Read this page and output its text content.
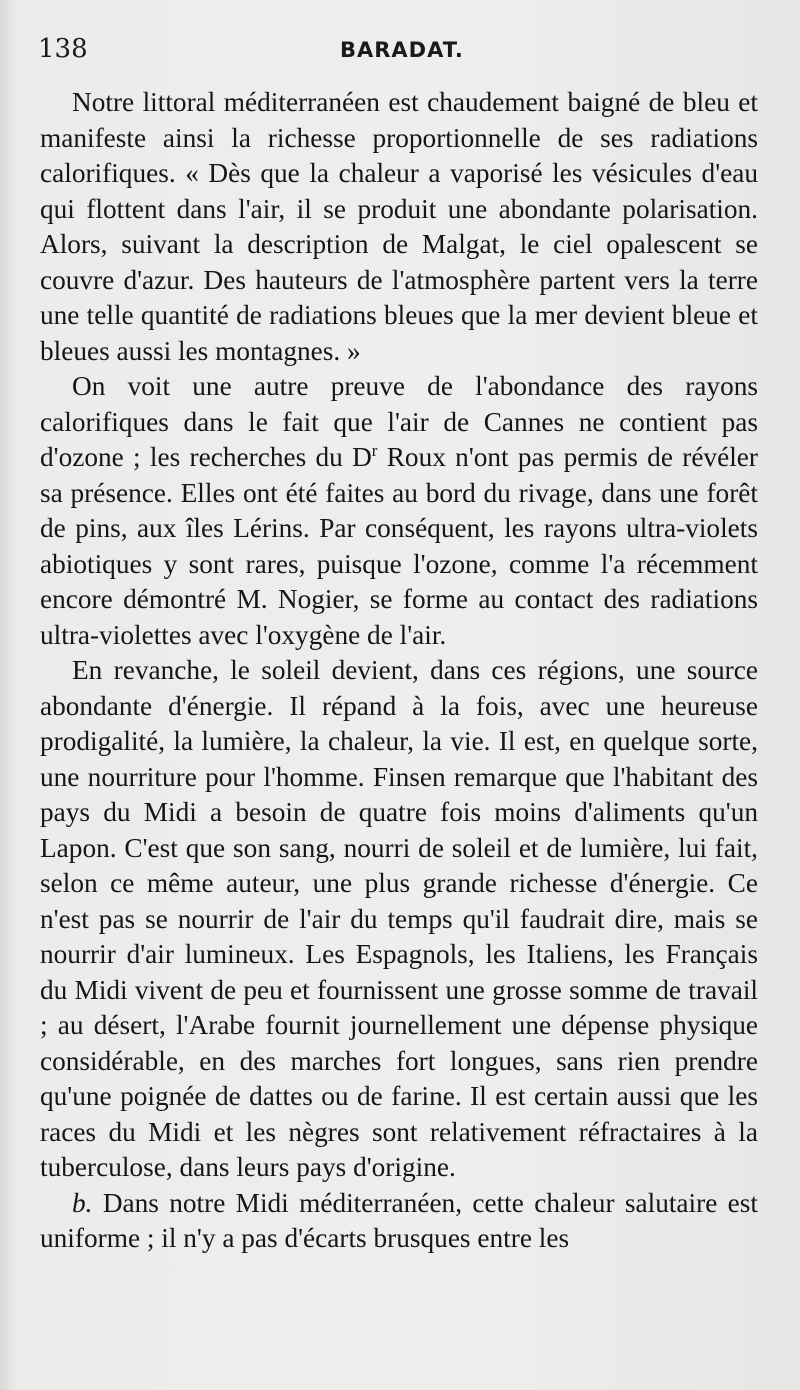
138	BARADAT.

Notre littoral méditerranéen est chaudement baigné de bleu et manifeste ainsi la richesse proportionnelle de ses radiations calorifiques. « Dès que la chaleur a vaporisé les vésicules d'eau qui flottent dans l'air, il se produit une abondante polarisation. Alors, suivant la description de Malgat, le ciel opalescent se couvre d'azur. Des hauteurs de l'atmosphère partent vers la terre une telle quantité de radiations bleues que la mer devient bleue et bleues aussi les montagnes. »

On voit une autre preuve de l'abondance des rayons calorifiques dans le fait que l'air de Cannes ne contient pas d'ozone ; les recherches du $D^r$ Roux n'ont pas permis de révéler sa présence. Elles ont été faites au bord du rivage, dans une forêt de pins, aux îles Lérins. Par conséquent, les rayons ultra-violets abiotiques y sont rares, puisque l'ozone, comme l'a récemment encore démontré M. Nogier, se forme au contact des radiations ultra-violettes avec l'oxygène de l'air.

En revanche, le soleil devient, dans ces régions, une source abondante d'énergie. Il répand à la fois, avec une heureuse prodigalité, la lumière, la chaleur, la vie. Il est, en quelque sorte, une nourriture pour l'homme. Finsen remarque que l'habitant des pays du Midi a besoin de quatre fois moins d'aliments qu'un Lapon. C'est que son sang, nourri de soleil et de lumière, lui fait, selon ce même auteur, une plus grande richesse d'énergie. Ce n'est pas se nourrir de l'air du temps qu'il faudrait dire, mais se nourrir d'air lumineux. Les Espagnols, les Italiens, les Français du Midi vivent de peu et fournissent une grosse somme de travail ; au désert, l'Arabe fournit journellement une dépense physique considérable, en des marches fort longues, sans rien prendre qu'une poignée de dattes ou de farine. Il est certain aussi que les races du Midi et les nègres sont relativement réfractaires à la tuberculose, dans leurs pays d'origine.

b. Dans notre Midi méditerranéen, cette chaleur salutaire est uniforme ; il n'y a pas d'écarts brusques entre les
